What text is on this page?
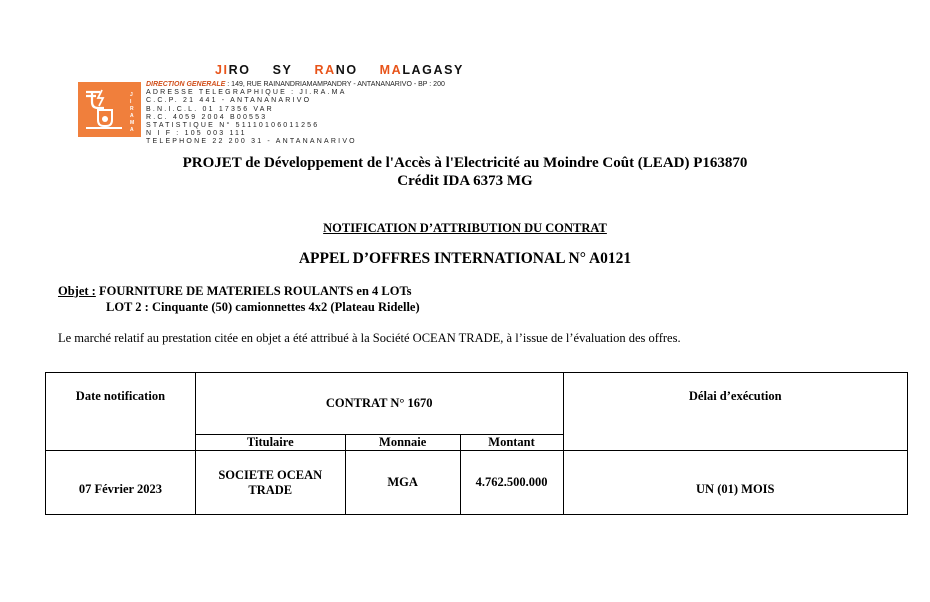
JIRO SY RANO MALAGASY
J
I
R
A
M
A
DIRECTION GENERALE : 149, RUE RAINANDRIAMAMPANDRY - ANTANANARIVO - BP : 200
ADRESSE TELEGRAPHIQUE : JI.RA.MA
C.C.P. 21 441 - ANTANANARIVO
B.N.I.C.L. 01 17356 VAR
R.C. 4059 2004 B00553
STATISTIQUE N° 51110106011256
N I F : 105 003 111
TELEPHONE 22 200 31 - ANTANANARIVO
PROJET de Développement de l'Accès à l'Electricité au Moindre Coût (LEAD) P163870
Crédit IDA 6373 MG
NOTIFICATION D’ATTRIBUTION DU CONTRAT
APPEL D’OFFRES INTERNATIONAL N° A0121
Objet : FOURNITURE DE MATERIELS ROULANTS en 4 LOTs
LOT 2 : Cinquante (50) camionnettes 4x2 (Plateau Ridelle)
Le marché relatif au prestation citée en objet a été attribué à la Société OCEAN TRADE, à l’issue de l’évaluation des offres.
Date notification	CONTRAT N° 1670			Délai d’exécution
	Titulaire	Monnaie	Montant	
07 Février 2023	SOCIETE OCEAN TRADE	MGA	4.762.500.000	UN (01) MOIS
